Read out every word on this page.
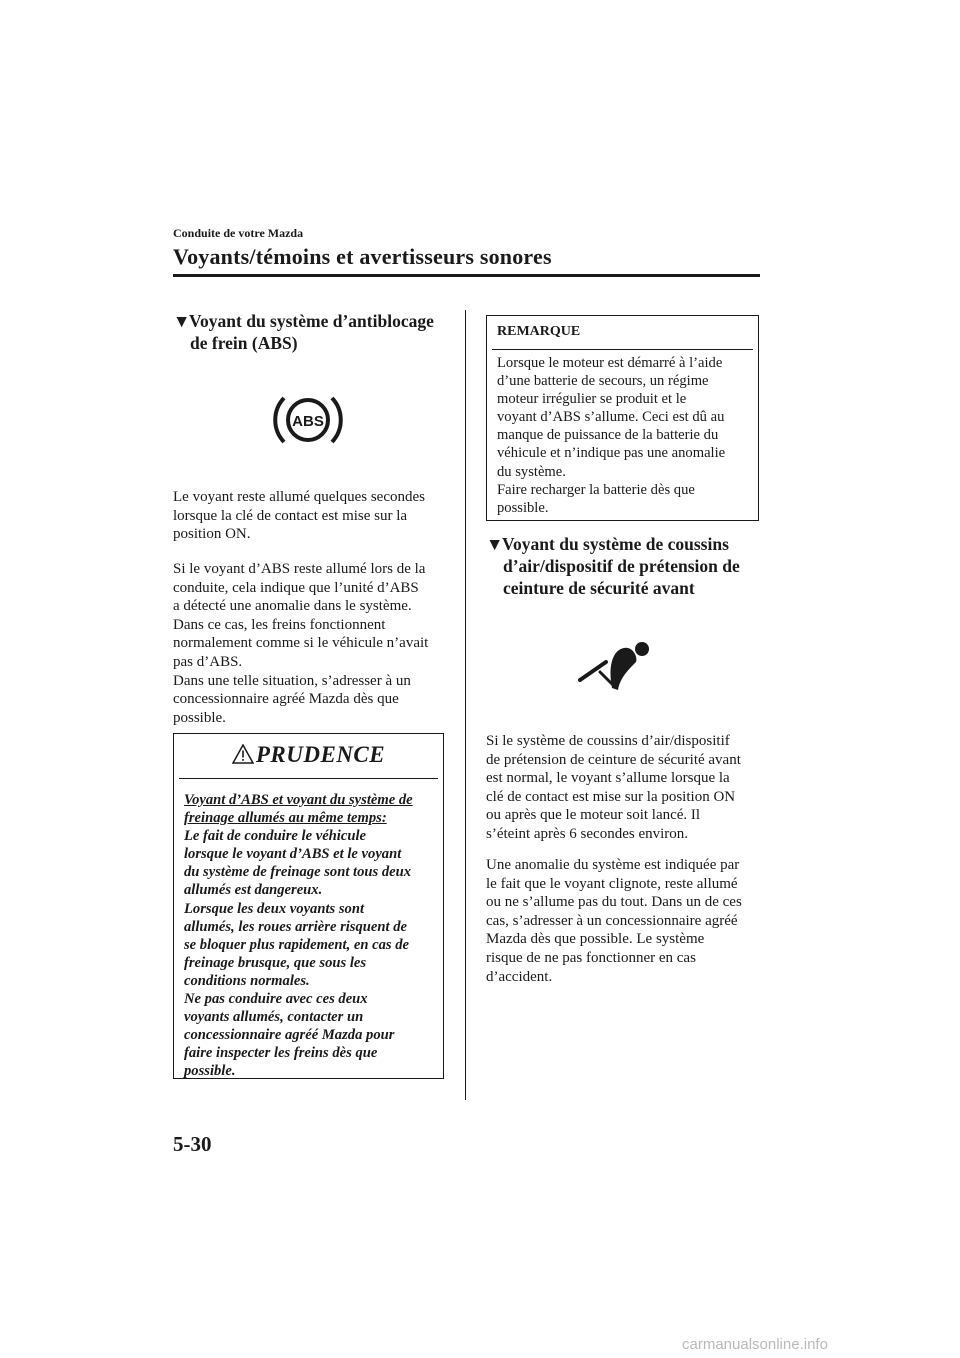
Conduite de votre Mazda
Voyants/témoins et avertisseurs sonores
▼Voyant du système d’antiblocage
de frein (ABS)
ABS
Le voyant reste allumé quelques secondes
lorsque la clé de contact est mise sur la
position ON.
Si le voyant d’ABS reste allumé lors de la
conduite, cela indique que l’unité d’ABS
a détecté une anomalie dans le système.
Dans ce cas, les freins fonctionnent
normalement comme si le véhicule n’avait
pas d’ABS.
Dans une telle situation, s’adresser à un
concessionnaire agréé Mazda dès que
possible.
PRUDENCE
Voyant d’ABS et voyant du système de
freinage allumés au même temps:
Le fait de conduire le véhicule
lorsque le voyant d’ABS et le voyant
du système de freinage sont tous deux
allumés est dangereux.
Lorsque les deux voyants sont
allumés, les roues arrière risquent de
se bloquer plus rapidement, en cas de
freinage brusque, que sous les
conditions normales.
Ne pas conduire avec ces deux
voyants allumés, contacter un
concessionnaire agréé Mazda pour
faire inspecter les freins dès que
possible.
REMARQUE
Lorsque le moteur est démarré à l’aide
d’une batterie de secours, un régime
moteur irrégulier se produit et le
voyant d’ABS s’allume. Ceci est dû au
manque de puissance de la batterie du
véhicule et n’indique pas une anomalie
du système.
Faire recharger la batterie dès que
possible.
▼Voyant du système de coussins
d’air/dispositif de prétension de
ceinture de sécurité avant
Si le système de coussins d’air/dispositif
de prétension de ceinture de sécurité avant
est normal, le voyant s’allume lorsque la
clé de contact est mise sur la position ON
ou après que le moteur soit lancé. Il
s’éteint après 6 secondes environ.
Une anomalie du système est indiquée par
le fait que le voyant clignote, reste allumé
ou ne s’allume pas du tout. Dans un de ces
cas, s’adresser à un concessionnaire agréé
Mazda dès que possible. Le système
risque de ne pas fonctionner en cas
d’accident.
5-30
carmanualsonline.info
